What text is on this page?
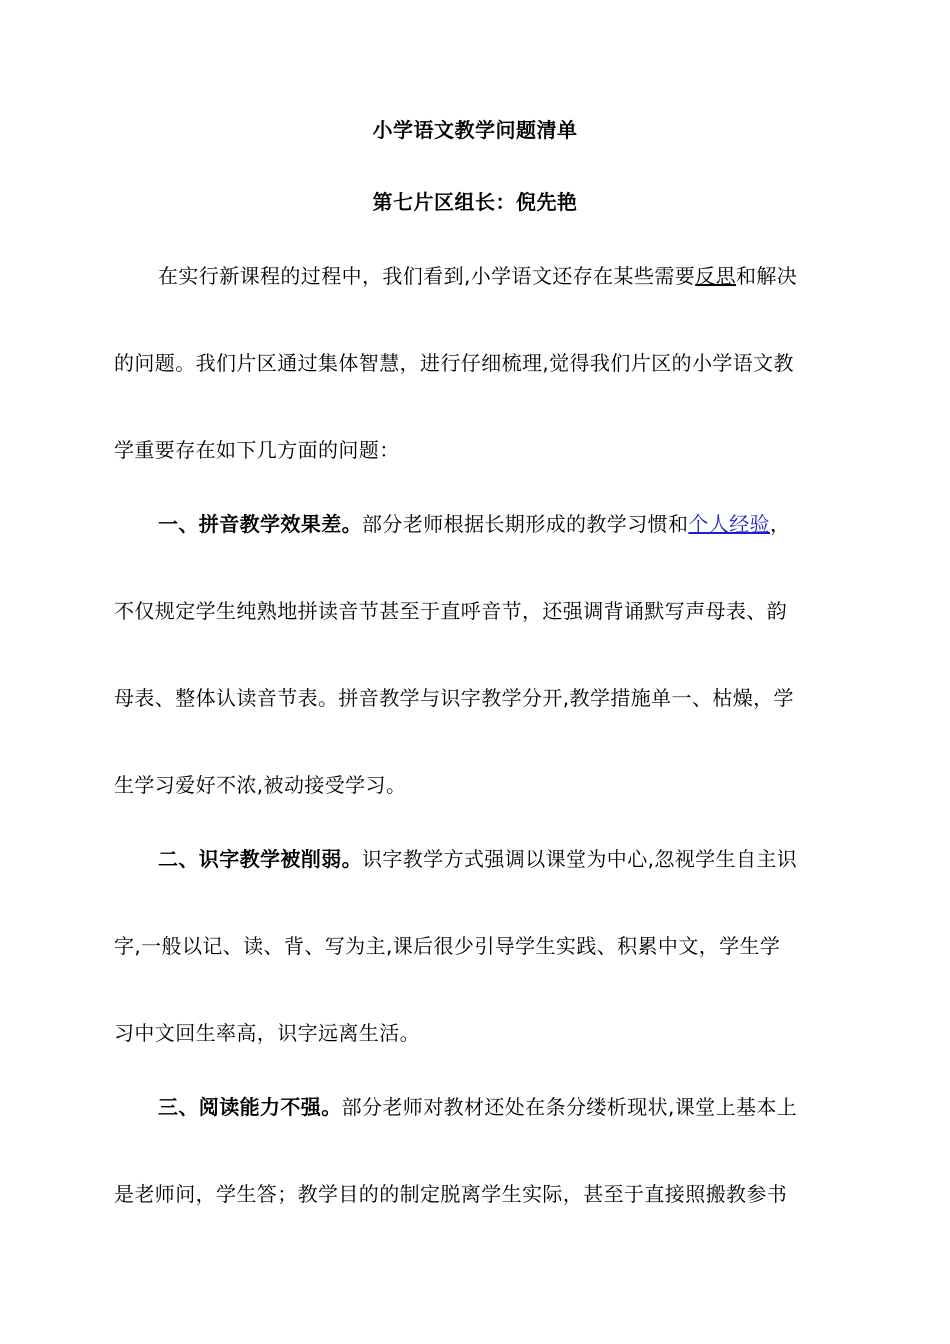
小学语文教学问题清单
第七片区组长：倪先艳
在实行新课程的过程中，我们看到,小学语文还存在某些需要反思和解决
的问题。我们片区通过集体智慧，进行仔细梳理,觉得我们片区的小学语文教
学重要存在如下几方面的问题：
一、拼音教学效果差。部分老师根据长期形成的教学习惯和个人经验，
不仅规定学生纯熟地拼读音节甚至于直呼音节，还强调背诵默写声母表、韵
母表、整体认读音节表。拼音教学与识字教学分开,教学措施单一、枯燥，学
生学习爱好不浓,被动接受学习。
二、识字教学被削弱。识字教学方式强调以课堂为中心,忽视学生自主识
字,一般以记、读、背、写为主,课后很少引导学生实践、积累中文，学生学
习中文回生率高，识字远离生活。
三、阅读能力不强。部分老师对教材还处在条分缕析现状,课堂上基本上
是老师问，学生答；教学目的的制定脱离学生实际，甚至于直接照搬教参书
